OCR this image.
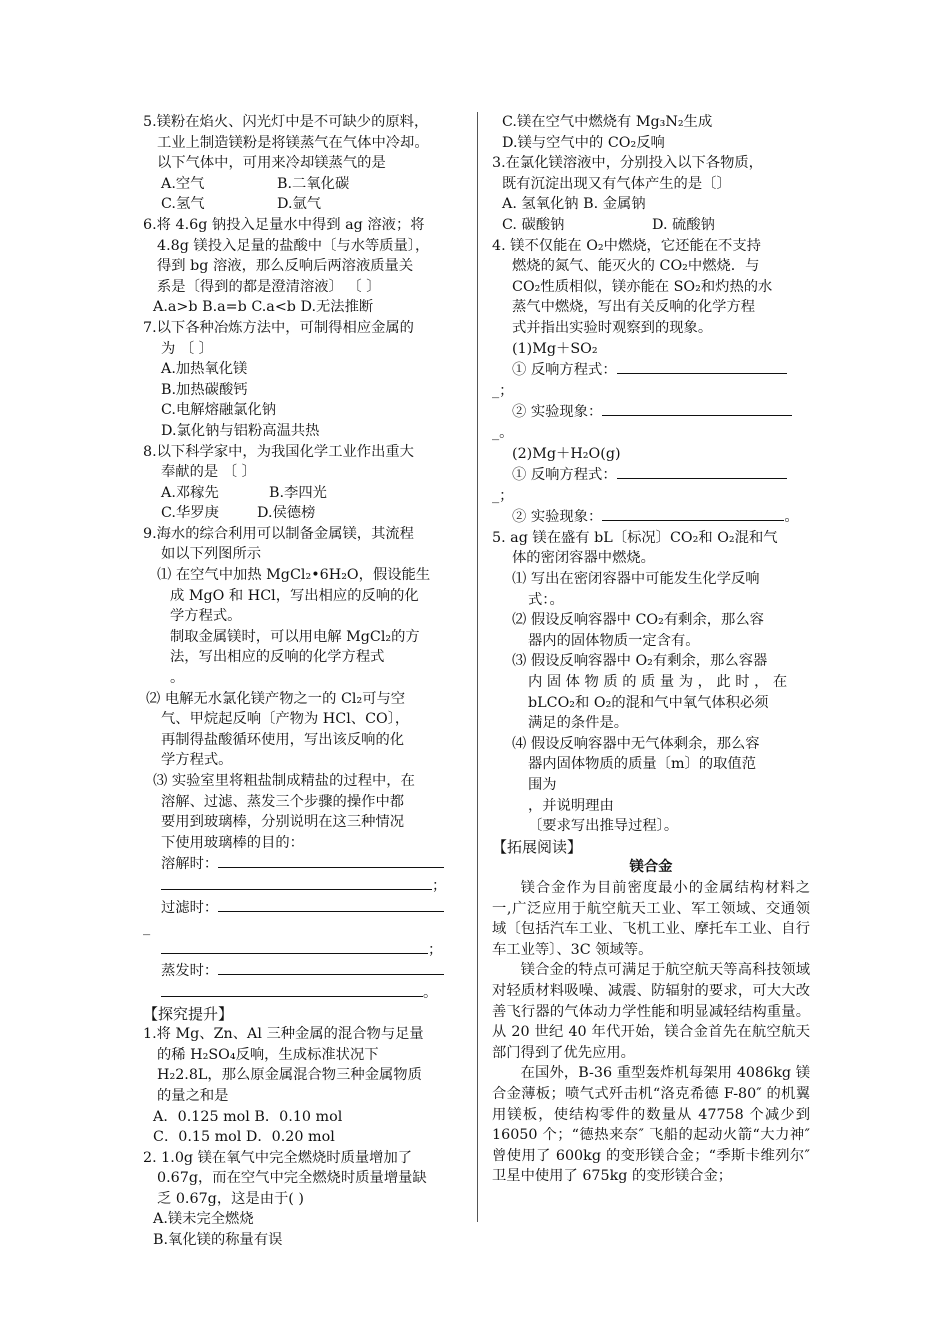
5.镁粉在焰火、闪光灯中是不可缺少的原料，
工业上制造镁粉是将镁蒸气在气体中冷却。
以下气体中，可用来冷却镁蒸气的是
A.空气	B.二氧化碳
C.氢气	D.氩气
6.将 4.6g 钠投入足量水中得到 ag 溶液；将
4.8g 镁投入足量的盐酸中〔与水等质量〕，
得到 bg 溶液，那么反响后两溶液质量关
系是〔得到的都是澄清溶液〕 〔 〕
A.a>b B.a=b C.a<b D.无法推断
7.以下各种冶炼方法中，可制得相应金属的
为 〔 〕
A.加热氧化镁
B.加热碳酸钙
C.电解熔融氯化钠
D.氯化钠与铝粉高温共热
8.以下科学家中，为我国化学工业作出重大
奉献的是 〔 〕
A.邓稼先	B.李四光
C.华罗庚	D.侯德榜
9.海水的综合利用可以制备金属镁，其流程
如以下列图所示
⑴ 在空气中加热 MgCl₂•6H₂O，假设能生
成 MgO 和 HCl，写出相应的反响的化
学方程式。
制取金属镁时，可以用电解 MgCl₂的方
法，写出相应的反响的化学方程式
。
⑵ 电解无水氯化镁产物之一的 Cl₂可与空
气、甲烷起反响〔产物为 HCl、CO〕，
再制得盐酸循环使用，写出该反响的化
学方程式。
⑶ 实验室里将粗盐制成精盐的过程中，在
溶解、过滤、蒸发三个步骤的操作中都
要用到玻璃棒，分别说明在这三种情况
下使用玻璃棒的目的：
溶解时：
；
过滤时：
_
；
蒸发时：
。
【探究提升】
1.将 Mg、Zn、Al 三种金属的混合物与足量
的稀 H₂SO₄反响，生成标准状况下
H₂2.8L，那么原金属混合物三种金属物质
的量之和是
A．0.125 mol B．0.10 mol
C．0.15 mol D．0.20 mol
2. 1.0g 镁在氧气中完全燃烧时质量增加了
0.67g，而在空气中完全燃烧时质量增量缺
乏 0.67g，这是由于( )
A.镁未完全燃烧
B.氧化镁的称量有误
C.镁在空气中燃烧有 Mg₃N₂生成
D.镁与空气中的 CO₂反响
3.在氯化镁溶液中，分别投入以下各物质，
既有沉淀出现又有气体产生的是〔〕
A. 氢氧化钠 B. 金属钠
C. 碳酸钠	D. 硫酸钠
4. 镁不仅能在 O₂中燃烧，它还能在不支持
燃烧的氮气、能灭火的 CO₂中燃烧．与
CO₂性质相似，镁亦能在 SO₂和灼热的水
蒸气中燃烧，写出有关反响的化学方程
式并指出实验时观察到的现象。
(1)Mg＋SO₂
① 反响方程式：
_；
② 实验现象：
_。
(2)Mg＋H₂O(g)
① 反响方程式：
_；
② 实验现象：	。
5. ag 镁在盛有 bL〔标况〕CO₂和 O₂混和气
体的密闭容器中燃烧。
⑴ 写出在密闭容器中可能发生化学反响
式：。
⑵ 假设反响容器中 CO₂有剩余，那么容
器内的固体物质一定含有。
⑶ 假设反响容器中 O₂有剩余，那么容器
内 固 体 物 质 的 质 量 为 ， 此 时 ， 在
bLCO₂和 O₂的混和气中氧气体积必须
满足的条件是。
⑷ 假设反响容器中无气体剩余，那么容
器内固体物质的质量〔m〕的取值范
围为
，并说明理由
〔要求写出推导过程〕。
【拓展阅读】
镁合金
镁合金作为目前密度最小的金属结构材料之一,广泛应用于航空航天工业、军工领域、交通领域〔包括汽车工业、飞机工业、摩托车工业、自行车工业等〕、3C 领域等。
镁合金的特点可满足于航空航天等高科技领域对轻质材料吸噪、减震、防辐射的要求，可大大改善飞行器的气体动力学性能和明显减轻结构重量。从 20 世纪 40 年代开始，镁合金首先在航空航天部门得到了优先应用。
在国外，B-36 重型轰炸机每架用 4086kg 镁合金薄板；喷气式歼击机“洛克希德 F-80″ 的机翼用镁板，使结构零件的数量从 47758 个减少到 16050 个；“德热来奈″ 飞船的起动火箭“大力神″ 曾使用了 600kg 的变形镁合金；“季斯卡维列尔″ 卫星中使用了 675kg 的变形镁合金；
